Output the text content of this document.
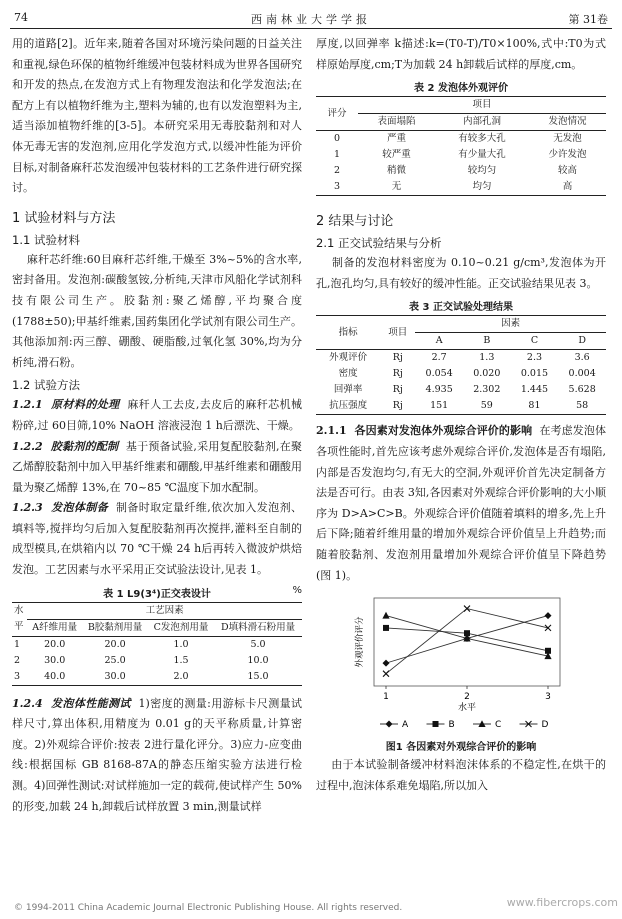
74	西南林业大学学报	第 31卷

用的道路[2]。近年来,随着各国对环境污染问题的日益关注和重视,绿色环保的植物纤维缓冲包装材料成为世界各国研究和开发的热点,在发泡方式上有物理发泡法和化学发泡法;在配方上有以植物纤维为主,塑料为辅的,也有以发泡塑料为主,适当添加植物纤维的[3-5]。本研究采用无毒胶黏剂和对人体无毒无害的发泡剂,应用化学发泡方式,以缓冲性能为评价目标,对制备麻秆芯发泡缓冲包装材料的工艺条件进行研究探讨。

1 试验材料与方法
1.1 试验材料

麻秆芯纤维:60目麻秆芯纤维,干燥至 3%~5%的含水率,密封备用。发泡剂:碳酸氢铵,分析纯,天津市风船化学试剂科技有限公司生产。胶黏剂:聚乙烯醇,平均聚合度(1788±50);甲基纤维素,国药集团化学试剂有限公司生产。其他添加剂:丙三醇、硼酸、硬脂酸,过氧化氢 30%,均为分析纯,滑石粉。

1.2 试验方法

1.2.1  原材料的处理  麻秆人工去皮,去皮后的麻秆芯机械粉碎,过 60目筛,10% NaOH 溶液浸泡 1 h后漂洗、干燥。

1.2.2  胶黏剂的配制  基于预备试验,采用复配胶黏剂,在聚乙烯醇胶黏剂中加入甲基纤维素和硼酸,甲基纤维素和硼酸用量为聚乙烯醇 13%,在 70~85 ℃温度下加水配制。

1.2.3  发泡体制备  制备时取定量纤维,依次加入发泡剂、填料等,搅拌均匀后加入复配胶黏剂再次搅拌,灌料至自制的成型模具,在烘箱内以 70 ℃干燥 24 h后再转入微波炉烘焙发泡。工艺因素与水平采用正交试验法设计,见表 1。

表 1 L9(3⁴)正交表设计	%
水	工艺因素			
平	A纤维用量	B胶黏剂用量	C发泡剂用量	D填料滑石粉用量
1	20.0	20.0	1.0	5.0
2	30.0	25.0	1.5	10.0
3	40.0	30.0	2.0	15.0

1.2.4  发泡体性能测试  1)密度的测量:用游标卡尺测量试样尺寸,算出体积,用精度为 0.01 g的天平称质量,计算密度。2)外观综合评价:按表 2进行量化评分。3)应力-应变曲线:根据国标 GB 8168-87A的静态压缩实验方法进行检测。4)回弹性测试:对试样施加一定的载荷,使试样产生 50%的形变,加载 24 h,卸载后试样放置 3 min,测量试样

厚度,以回弹率 k描述:k=(T0-T)/T0×100%,式中:T0为式样原始厚度,cm;T为加载 24 h卸载后试样的厚度,cm。

表 2 发泡体外观评价
评分	项目		
	表面塌陷	内部孔洞	发泡情况
0	严重	有较多大孔	无发泡
1	较严重	有少量大孔	少许发泡
2	稍微	较均匀	较高
3	无	均匀	高
2 结果与讨论
2.1 正交试验结果与分析

制备的发泡材料密度为 0.10~0.21 g/cm³,发泡体为开孔,泡孔均匀,具有较好的缓冲性能。正交试验结果见表 3。

表 3 正交试验处理结果
指标	项目	因素			
		A	B	C	D
外观评价	Rj	2.7	1.3	2.3	3.6
密度	Rj	0.054	0.020	0.015	0.004
回弹率	Rj	4.935	2.302	1.445	5.628
抗压强度	Rj	151	59	81	58

2.1.1  各因素对发泡体外观综合评价的影响  在考虑发泡体各项性能时,首先应该考虑外观综合评价,发泡体是否有塌陷,内部是否发泡均匀,有无大的空洞,外观评价首先决定制备方法是否可行。由表 3知,各因素对外观综合评价影响的大小顺序为 D>A>C>B。外观综合评价值随着填料的增多,先上升后下降;随着纤维用量的增加外观综合评价值呈上升趋势;而随着胶黏剂、发泡剂用量增加外观综合评价值呈下降趋势(图 1)。

1	2	3
水平
外观评价评分
A	B	C	D
图1 各因素对外观综合评价的影响

由于本试验制备缓冲材料泡沫体系的不稳定性,在烘干的过程中,泡沫体系难免塌陷,所以加入

© 1994-2011 China Academic Journal Electronic Publishing House. All rights reserved.	www.fibercrops.com
